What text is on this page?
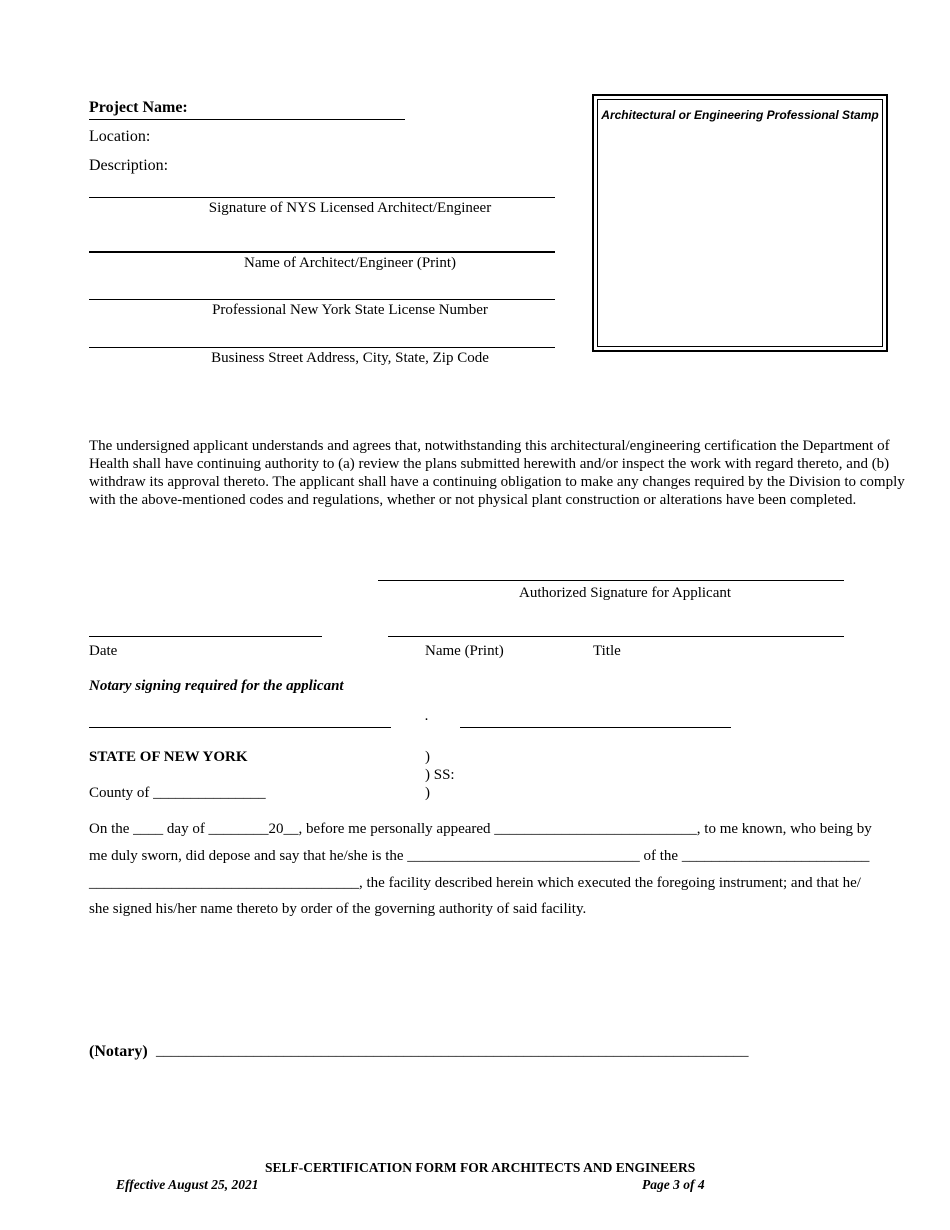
Project Name:
Location:
Description:
Signature of NYS Licensed Architect/Engineer
Name of Architect/Engineer (Print)
Professional New York State License Number
Business Street Address, City, State, Zip Code
Architectural or Engineering Professional Stamp
The undersigned applicant understands and agrees that, notwithstanding this architectural/engineering certification the Department of Health shall have continuing authority to (a) review the plans submitted herewith and/or inspect the work with regard thereto, and (b) withdraw its approval thereto. The applicant shall have a continuing obligation to make any changes required by the Division to comply with the above-mentioned codes and regulations, whether or not physical plant construction or alterations have been completed.
Authorized Signature for Applicant
Date	Name (Print)	Title
Notary signing required for the applicant
·
STATE OF NEW YORK	)
) SS:
County of _______________	)
On the ____ day of ________20__, before me personally appeared ___________________________, to me known, who being by
me duly sworn, did depose and say that he/she is the _______________________________ of the _________________________
____________________________________, the facility described herein which executed the foregoing instrument; and that he/
she signed his/her name thereto by order of the governing authority of said facility.
(Notary) _______________________________________________________________________________
SELF-CERTIFICATION FORM FOR ARCHITECTS AND ENGINEERS
Effective August 25, 2021	Page 3 of 4
